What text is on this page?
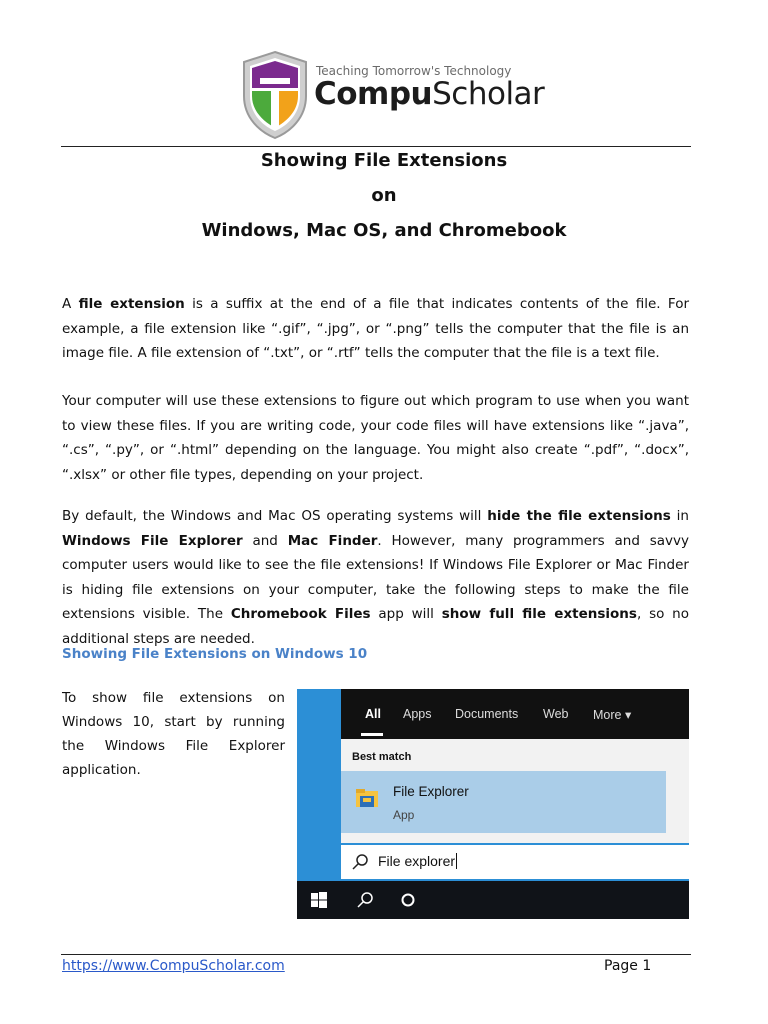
Teaching Tomorrow's Technology
CompuScholar
Showing File Extensions
on
Windows, Mac OS, and Chromebook
A file extension is a suffix at the end of a file that indicates contents of the file. For example, a file extension like “.gif”, “.jpg”, or “.png” tells the computer that the file is an image file. A file extension of “.txt”, or “.rtf” tells the computer that the file is a text file.
Your computer will use these extensions to figure out which program to use when you want to view these files. If you are writing code, your code files will have extensions like “.java”, “.cs”, “.py”, or “.html” depending on the language. You might also create “.pdf”, “.docx”, “.xlsx” or other file types, depending on your project.
By default, the Windows and Mac OS operating systems will hide the file extensions in Windows File Explorer and Mac Finder. However, many programmers and savvy computer users would like to see the file extensions! If Windows File Explorer or Mac Finder is hiding file extensions on your computer, take the following steps to make the file extensions visible. The Chromebook Files app will show full file extensions, so no additional steps are needed.
Showing File Extensions on Windows 10
To show file extensions on Windows 10, start by running the Windows File Explorer application.
All Apps Documents Web More ▾
Best match
File Explorer
App
File explorer
https://www.CompuScholar.com	Page 1
